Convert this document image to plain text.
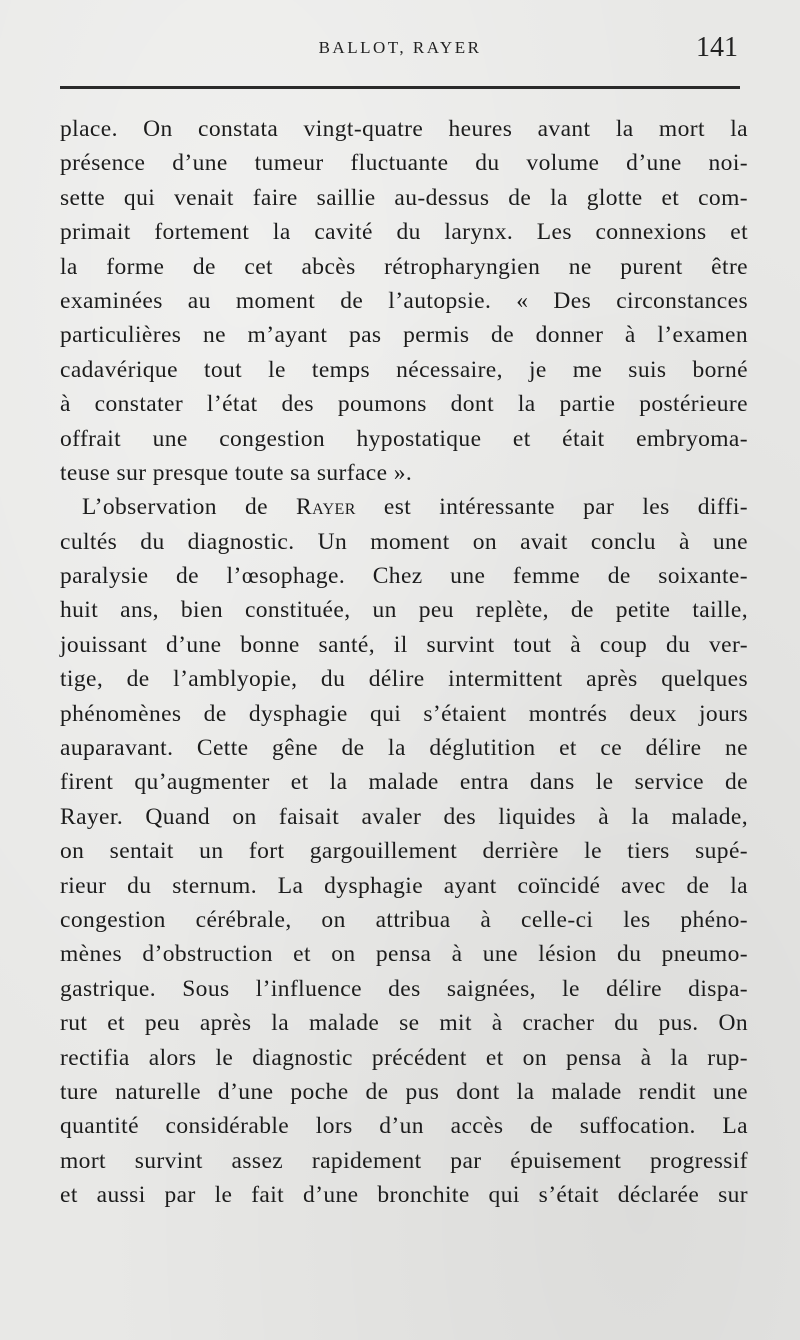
BALLOT, RAYER	141
place. On constata vingt-quatre heures avant la mort la
présence d’une tumeur fluctuante du volume d’une noi-
sette qui venait faire saillie au-dessus de la glotte et com-
primait fortement la cavité du larynx. Les connexions et
la forme de cet abcès rétropharyngien ne purent être
examinées au moment de l’autopsie. « Des circonstances
particulières ne m’ayant pas permis de donner à l’examen
cadavérique tout le temps nécessaire, je me suis borné
à constater l’état des poumons dont la partie postérieure
offrait une congestion hypostatique et était embryoma-
teuse sur presque toute sa surface ».
L’observation de Rayer est intéressante par les diffi-
cultés du diagnostic. Un moment on avait conclu à une
paralysie de l’œsophage. Chez une femme de soixante-
huit ans, bien constituée, un peu replète, de petite taille,
jouissant d’une bonne santé, il survint tout à coup du ver-
tige, de l’amblyopie, du délire intermittent après quelques
phénomènes de dysphagie qui s’étaient montrés deux jours
auparavant. Cette gêne de la déglutition et ce délire ne
firent qu’augmenter et la malade entra dans le service de
Rayer. Quand on faisait avaler des liquides à la malade,
on sentait un fort gargouillement derrière le tiers supé-
rieur du sternum. La dysphagie ayant coïncidé avec de la
congestion cérébrale, on attribua à celle-ci les phéno-
mènes d’obstruction et on pensa à une lésion du pneumo-
gastrique. Sous l’influence des saignées, le délire dispa-
rut et peu après la malade se mit à cracher du pus. On
rectifia alors le diagnostic précédent et on pensa à la rup-
ture naturelle d’une poche de pus dont la malade rendit une
quantité considérable lors d’un accès de suffocation. La
mort survint assez rapidement par épuisement progressif
et aussi par le fait d’une bronchite qui s’était déclarée sur
